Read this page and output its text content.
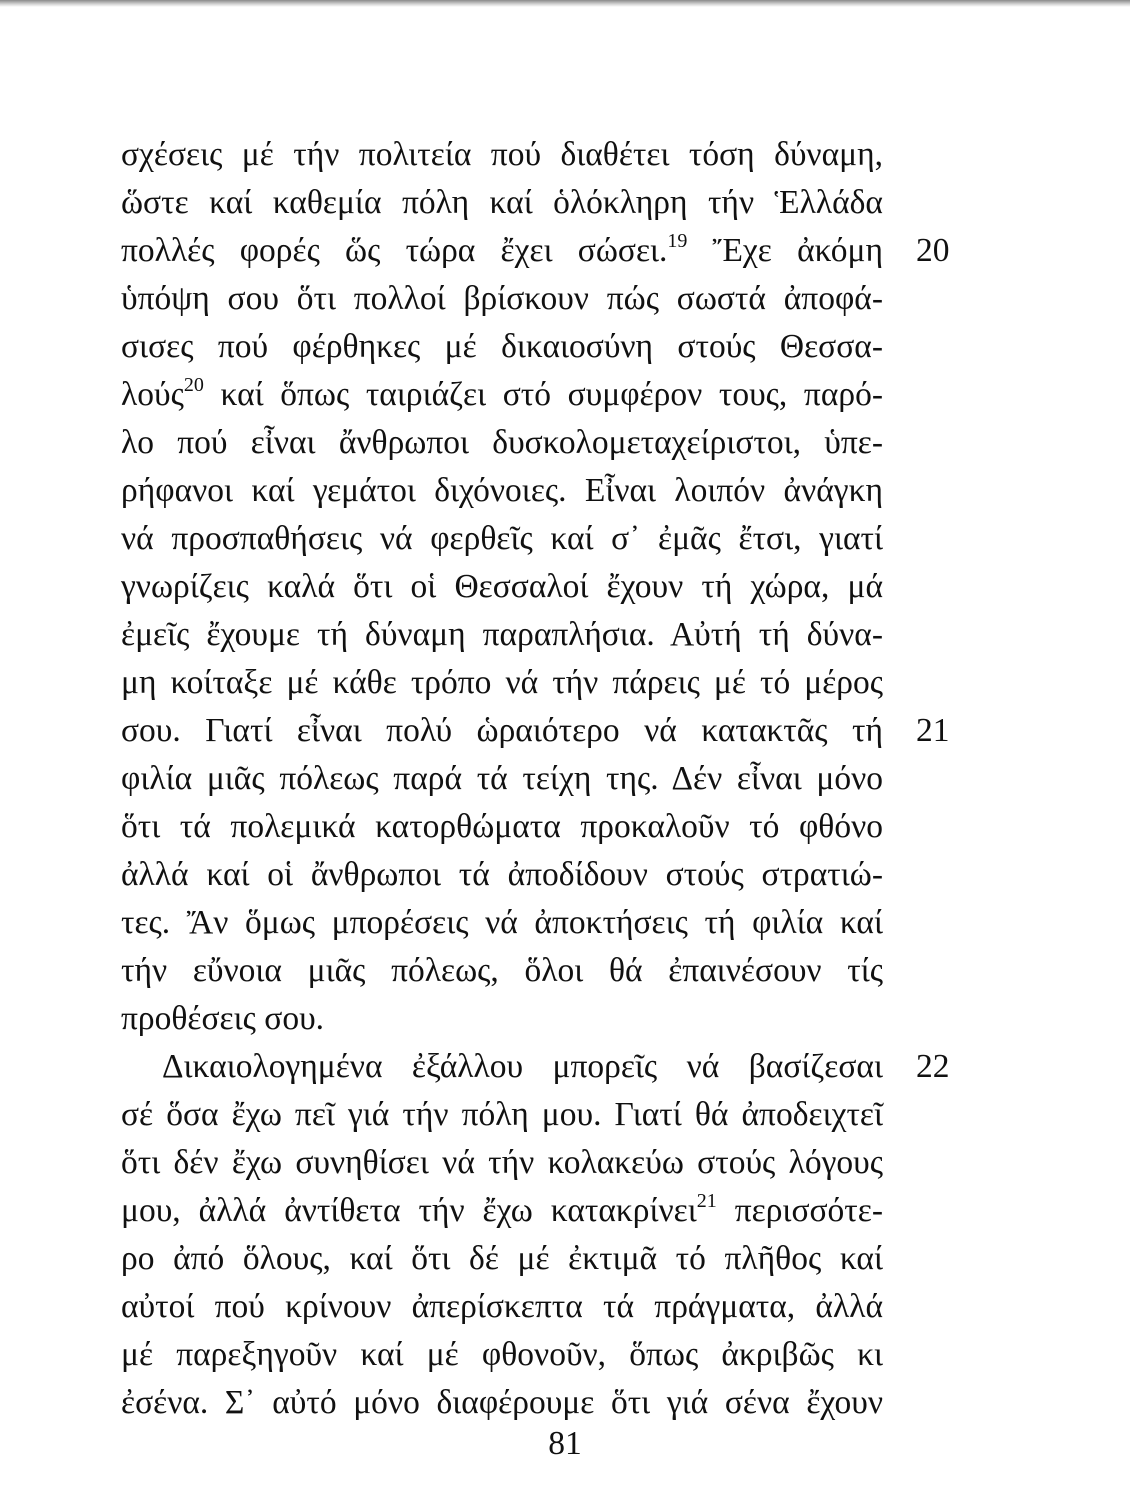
σχέσεις μέ τήν πολιτεία πού διαθέτει τόση δύναμη,
ὥστε καί καθεμία πόλη καί ὁλόκληρη τήν Ἑλλάδα
πολλές φορές ὥς τώρα ἔχει σώσει.$^{19}$ Ἔχε ἀκόμη 20
ὑπόψη σου ὅτι πολλοί βρίσκουν πώς σωστά ἀποφά-
σισες πού φέρθηκες μέ δικαιοσύνη στούς Θεσσα-
λούς$^{20}$ καί ὅπως ταιριάζει στό συμφέρον τους, παρό-
λο πού εἶναι ἄνθρωποι δυσκολομεταχείριστοι, ὑπε-
ρήφανοι καί γεμάτοι διχόνοιες. Εἶναι λοιπόν ἀνάγκη
νά προσπαθήσεις νά φερθεῖς καί σ᾿ ἐμᾶς ἔτσι, γιατί
γνωρίζεις καλά ὅτι οἱ Θεσσαλοί ἔχουν τή χώρα, μά
ἐμεῖς ἔχουμε τή δύναμη παραπλήσια. Αὐτή τή δύνα-
μη κοίταξε μέ κάθε τρόπο νά τήν πάρεις μέ τό μέρος
σου. Γιατί εἶναι πολύ ὡραιότερο νά κατακτᾶς τή 21
φιλία μιᾶς πόλεως παρά τά τείχη της. Δέν εἶναι μόνο
ὅτι τά πολεμικά κατορθώματα προκαλοῦν τό φθόνο
ἀλλά καί οἱ ἄνθρωποι τά ἀποδίδουν στούς στρατιώ-
τες. Ἄν ὅμως μπορέσεις νά ἀποκτήσεις τή φιλία καί
τήν εὔνοια μιᾶς πόλεως, ὅλοι θά ἐπαινέσουν τίς
προθέσεις σου.
Δικαιολογημένα ἐξάλλου μπορεῖς νά βασίζεσαι 22
σέ ὅσα ἔχω πεῖ γιά τήν πόλη μου. Γιατί θά ἀποδειχτεῖ
ὅτι δέν ἔχω συνηθίσει νά τήν κολακεύω στούς λόγους
μου, ἀλλά ἀντίθετα τήν ἔχω κατακρίνει$^{21}$ περισσότε-
ρο ἀπό ὅλους, καί ὅτι δέ μέ ἐκτιμᾶ τό πλῆθος καί
αὐτοί πού κρίνουν ἀπερίσκεπτα τά πράγματα, ἀλλά
μέ παρεξηγοῦν καί μέ φθονοῦν, ὅπως ἀκριβῶς κι
ἐσένα. Σ᾿ αὐτό μόνο διαφέρουμε ὅτι γιά σένα ἔχουν
81
